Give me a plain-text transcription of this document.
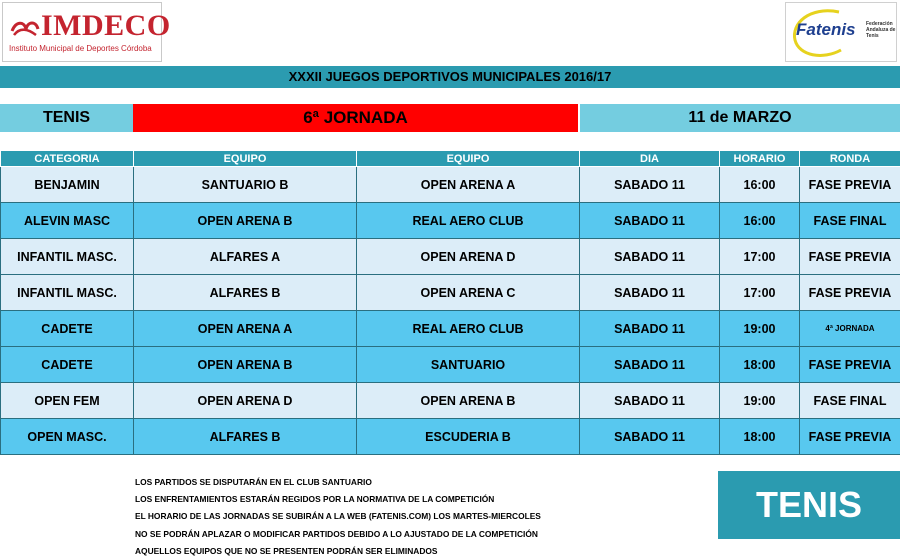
IMDECO
Instituto Municipal de Deportes Córdoba
Fatenis Federación
Andaluza de
Tenis
XXXII JUEGOS DEPORTIVOS MUNICIPALES 2016/17
TENIS	6ª JORNADA	11 de MARZO
CATEGORIA	EQUIPO	EQUIPO	DIA	HORARIO	RONDA
BENJAMIN	SANTUARIO B	OPEN ARENA A	SABADO 11	16:00	FASE PREVIA
ALEVIN MASC	OPEN ARENA B	REAL AERO CLUB	SABADO 11	16:00	FASE FINAL
INFANTIL MASC.	ALFARES A	OPEN ARENA D	SABADO 11	17:00	FASE PREVIA
INFANTIL MASC.	ALFARES B	OPEN ARENA C	SABADO 11	17:00	FASE PREVIA
CADETE	OPEN ARENA A	REAL AERO CLUB	SABADO 11	19:00	4ª JORNADA
CADETE	OPEN ARENA B	SANTUARIO	SABADO 11	18:00	FASE PREVIA
OPEN FEM	OPEN ARENA D	OPEN ARENA B	SABADO 11	19:00	FASE FINAL
OPEN MASC.	ALFARES B	ESCUDERIA B	SABADO 11	18:00	FASE PREVIA
LOS PARTIDOS SE DISPUTARÁN EN EL CLUB SANTUARIO
LOS ENFRENTAMIENTOS ESTARÁN REGIDOS POR LA NORMATIVA DE LA COMPETICIÓN
EL HORARIO DE LAS JORNADAS SE SUBIRÁN A LA WEB (FATENIS.COM) LOS MARTES-MIERCOLES
NO SE PODRÁN APLAZAR O MODIFICAR PARTIDOS DEBIDO A LO AJUSTADO DE LA COMPETICIÓN
AQUELLOS EQUIPOS QUE NO SE PRESENTEN PODRÁN SER ELIMINADOS
TENIS
